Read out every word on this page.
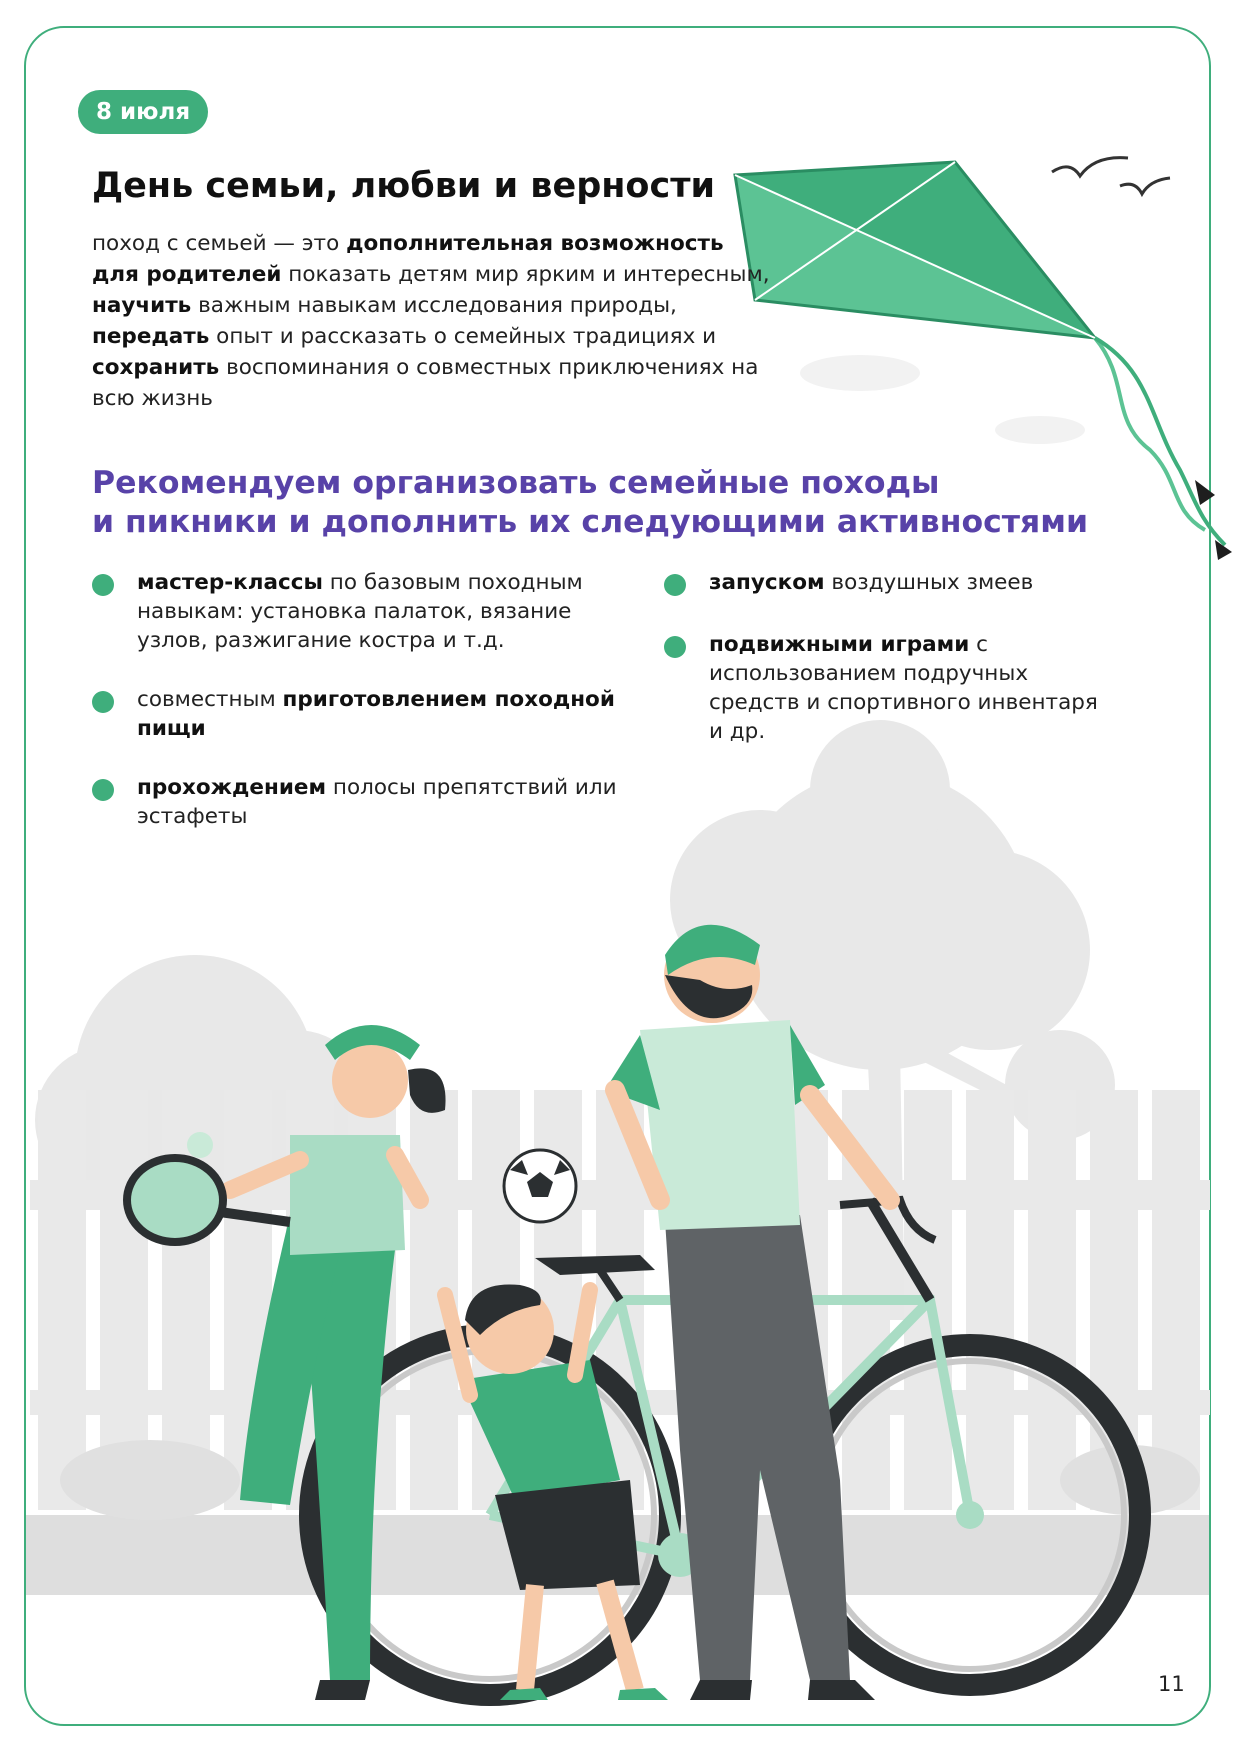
8 июля
День семьи, любви и верности

поход с семьей — это дополнительная возможность для родителей показать детям мир ярким и интересным, научить важным навыкам исследования природы, передать опыт и рассказать о семейных традициях и сохранить воспоминания о совместных приключениях на всю жизнь

Рекомендуем организовать семейные походы
и пикники и дополнить их следующими активностями
мастер-классы по базовым походным навыкам: установка палаток, вязание узлов, разжигание костра и т.д.
совместным приготовлением походной пищи
прохождением полосы препятствий или эстафеты
запуском воздушных змеев
подвижными играми с использованием подручных средств и спортивного инвентаря и др.
11
